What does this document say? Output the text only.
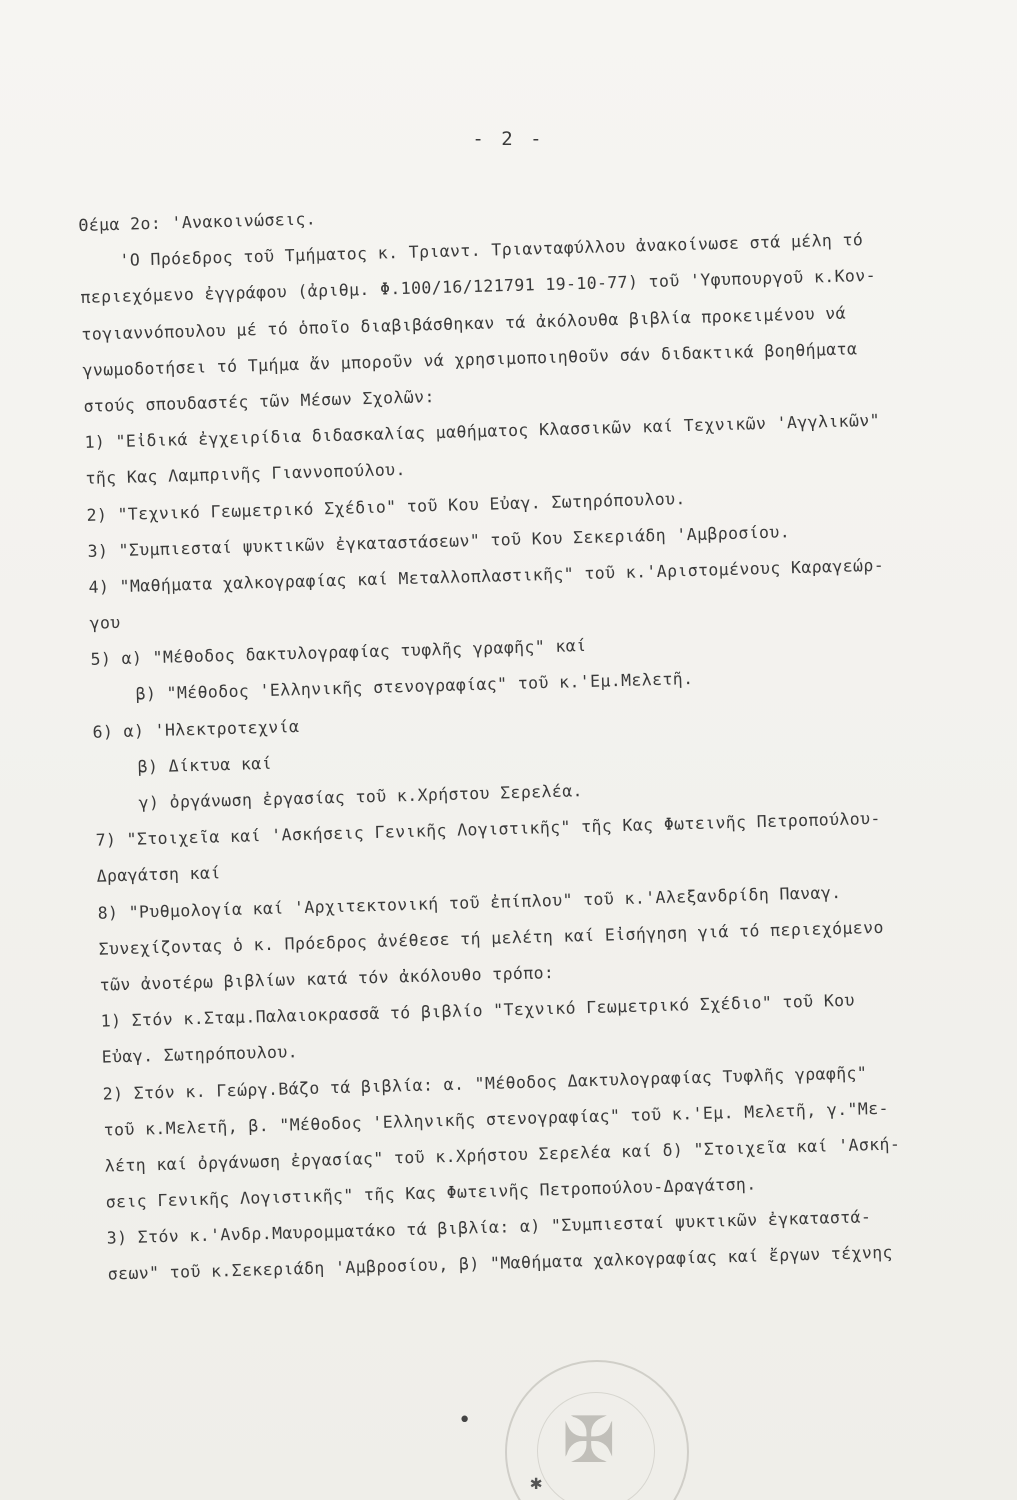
- 2 -
Θέμα 2ο: 'Ανακοινώσεις.
'Ο Πρόεδρος τοῦ Τμήματος κ. Τριαντ. Τριανταφύλλου ἀνακοίνωσε στά μέλη τό
περιεχόμενο ἐγγράφου (ἀριθμ. Φ.100/16/121791 19-10-77) τοῦ 'Υφυπουργοῦ κ.Κον-
τογιαννόπουλου μέ τό ὁποῖο διαβιβάσθηκαν τά ἀκόλουθα βιβλία προκειμένου νά
γνωμοδοτήσει τό Τμήμα ἄν μποροῦν νά χρησιμοποιηθοῦν σάν διδακτικά βοηθήματα
στούς σπουδαστές τῶν Μέσων Σχολῶν:
1) "Εἰδικά ἐγχειρίδια διδασκαλίας μαθήματος Κλασσικῶν καί Τεχνικῶν 'Αγγλικῶν"
τῆς Κας Λαμπρινῆς Γιαννοπούλου.
2) "Τεχνικό Γεωμετρικό Σχέδιο" τοῦ Κου Εὐαγ. Σωτηρόπουλου.
3) "Συμπιεσταί ψυκτικῶν ἐγκαταστάσεων" τοῦ Κου Σεκεριάδη 'Αμβροσίου.
4) "Μαθήματα χαλκογραφίας καί Μεταλλοπλαστικῆς" τοῦ κ.'Αριστομένους Καραγεώρ-
γου
5) α) "Μέθοδος δακτυλογραφίας τυφλῆς γραφῆς" καί
β) "Μέθοδος 'Ελληνικῆς στενογραφίας" τοῦ κ.'Εμ.Μελετῆ.
6) α) 'Ηλεκτροτεχνία
β) Δίκτυα καί
γ) ὀργάνωση ἐργασίας τοῦ κ.Χρήστου Σερελέα.
7) "Στοιχεῖα καί 'Ασκήσεις Γενικῆς Λογιστικῆς" τῆς Κας Φωτεινῆς Πετροπούλου-
Δραγάτση καί
8) "Ρυθμολογία καί 'Αρχιτεκτονική τοῦ ἐπίπλου" τοῦ κ.'Αλεξανδρίδη Παναγ.
Συνεχίζοντας ὁ κ. Πρόεδρος ἀνέθεσε τή μελέτη καί Εἰσήγηση γιά τό περιεχόμενο
τῶν ἀνοτέρω βιβλίων κατά τόν ἀκόλουθο τρόπο:
1) Στόν κ.Σταμ.Παλαιοκρασσᾶ τό βιβλίο "Τεχνικό Γεωμετρικό Σχέδιο" τοῦ Κου
Εὐαγ. Σωτηρόπουλου.
2) Στόν κ. Γεώργ.Βάζο τά βιβλία: α. "Μέθοδος Δακτυλογραφίας Τυφλῆς γραφῆς"
τοῦ κ.Μελετῆ, β. "Μέθοδος 'Ελληνικῆς στενογραφίας" τοῦ κ.'Εμ. Μελετῆ, γ."Με-
λέτη καί ὀργάνωση ἐργασίας" τοῦ κ.Χρήστου Σερελέα καί δ) "Στοιχεῖα καί 'Ασκή-
σεις Γενικῆς Λογιστικῆς" τῆς Κας Φωτεινῆς Πετροπούλου-Δραγάτση.
3) Στόν κ.'Ανδρ.Μαυρομματάκο τά βιβλία: α) "Συμπιεσταί ψυκτικῶν ἐγκαταστά-
σεων" τοῦ κ.Σεκεριάδη 'Αμβροσίου, β) "Μαθήματα χαλκογραφίας καί ἔργων τέχνης
✠
•
✱
